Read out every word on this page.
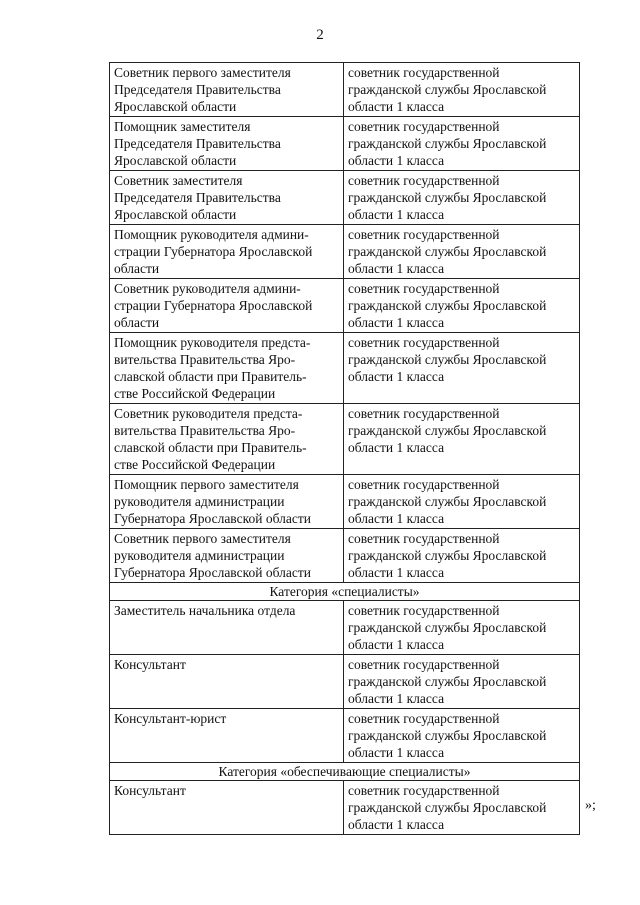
2
Советник первого заместителя
Председателя Правительства
Ярославской области	советник государственной гражданской службы Ярославской области 1 класса

Помощник заместителя
Председателя Правительства
Ярославской области	советник государственной гражданской службы Ярославской области 1 класса

Советник заместителя
Председателя Правительства
Ярославской области	советник государственной гражданской службы Ярославской области 1 класса

Помощник руководителя админи-
страции Губернатора Ярославской
области	советник государственной гражданской службы Ярославской области 1 класса

Советник руководителя админи-
страции Губернатора Ярославской
области	советник государственной гражданской службы Ярославской области 1 класса

Помощник руководителя предста-
вительства Правительства Яро-
славской области при Правитель-
стве Российской Федерации	советник государственной гражданской службы Ярославской области 1 класса

Советник руководителя предста-
вительства Правительства Яро-
славской области при Правитель-
стве Российской Федерации	советник государственной гражданской службы Ярославской области 1 класса

Помощник первого заместителя
руководителя администрации
Губернатора Ярославской области	советник государственной гражданской службы Ярославской области 1 класса

Советник первого заместителя
руководителя администрации
Губернатора Ярославской области	советник государственной гражданской службы Ярославской области 1 класса

Категория «специалисты»	

Заместитель начальника отдела	советник государственной гражданской службы Ярославской области 1 класса

Консультант	советник государственной гражданской службы Ярославской области 1 класса

Консультант-юрист	советник государственной гражданской службы Ярославской области 1 класса

Категория «обеспечивающие специалисты»	

Консультант	советник государственной гражданской службы Ярославской области 1 класса
»;
